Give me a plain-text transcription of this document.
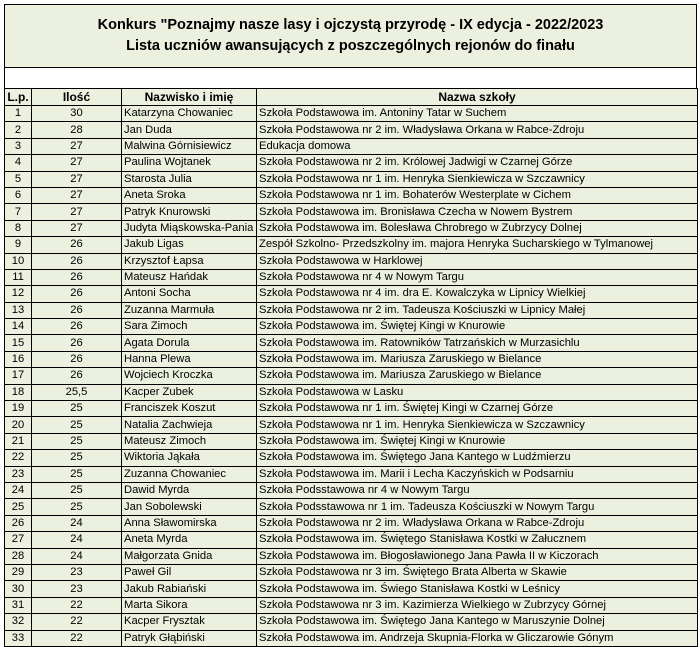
Konkurs "Poznajmy nasze lasy i ojczystą przyrodę - IX edycja - 2022/2023
Lista uczniów awansujących z poszczególnych rejonów do finału
L.p.	Ilość	Nazwisko i imię	Nazwa szkoły
1	30	Katarzyna Chowaniec	Szkoła Podstawowa im. Antoniny Tatar w Suchem
2	28	Jan Duda	Szkoła Podstawowa nr 2 im. Władysława Orkana w Rabce-Zdroju
3	27	Malwina Górnisiewicz	Edukacja domowa
4	27	Paulina Wojtanek	Szkoła Podstawowa nr 2 im. Królowej Jadwigi w Czarnej Górze
5	27	Starosta Julia	Szkoła Podstawowa nr 1 im. Henryka Sienkiewicza w Szczawnicy
6	27	Aneta Sroka	Szkoła Podstawowa nr 1 im. Bohaterów Westerplate w Cichem
7	27	Patryk Knurowski	Szkoła Podstawowa im. Bronisława Czecha w Nowem Bystrem
8	27	Judyta Miąskowska-Pania	Szkoła Podstawowa im. Bolesława Chrobrego w Zubrzycy Dolnej
9	26	Jakub Ligas	Zespół Szkolno- Przedszkolny im. majora Henryka Sucharskiego w Tylmanowej
10	26	Krzysztof Łapsa	Szkoła Podstawowa w Harklowej
11	26	Mateusz Hańdak	Szkoła Podstawowa nr 4 w Nowym Targu
12	26	Antoni Socha	Szkoła Podstawowa nr 4 im. dra E. Kowalczyka w Lipnicy Wielkiej
13	26	Zuzanna Marmuła	Szkoła Podstawowa nr 2 im. Tadeusza Kościuszki w Lipnicy Małej
14	26	Sara Zimoch	Szkoła Podstawowa im. Świętej Kingi w Knurowie
15	26	Agata Dorula	Szkoła Podstawowa im. Ratowników Tatrzańskich w Murzasichlu
16	26	Hanna Plewa	Szkoła Podstawowa im. Mariusza Zaruskiego w Bielance
17	26	Wojciech Kroczka	Szkoła Podstawowa im. Mariusza Zaruskiego w Bielance
18	25,5	Kacper Zubek	Szkoła Podstawowa w Lasku
19	25	Franciszek Koszut	Szkoła Podstawowa nr 1 im. Świętej Kingi w Czarnej Górze
20	25	Natalia Zachwieja	Szkoła Podstawowa nr 1 im. Henryka Sienkiewicza w Szczawnicy
21	25	Mateusz Zimoch	Szkoła Podstawowa im. Świętej Kingi w Knurowie
22	25	Wiktoria Jąkała	Szkoła Podstawowa im. Świętego Jana Kantego w Ludźmierzu
23	25	Zuzanna Chowaniec	Szkoła Podstawowa im. Marii i Lecha Kaczyńskich w Podsarniu
24	25	Dawid Myrda	Szkoła Podsstawowa nr 4 w Nowym Targu
25	25	Jan Sobolewski	Szkoła Podsstawowa nr 1 im. Tadeusza Kościuszki w Nowym Targu
26	24	Anna Sławomirska	Szkoła Podstawowa nr 2 im. Władysława Orkana w Rabce-Zdroju
27	24	Aneta Myrda	Szkoła Podstawowa im. Świętego Stanisława Kostki w Załucznem
28	24	Małgorzata Gnida	Szkoła Podstawowa im. Błogosławionego Jana Pawła II w Kiczorach
29	23	Paweł Gil	Szkoła Podstawowa nr 3 im. Świętego Brata Alberta w Skawie
30	23	Jakub Rabiański	Szkoła Podstawowa im. Świego Stanisława Kostki w Leśnicy
31	22	Marta Sikora	Szkoła Podstawowa nr 3 im. Kazimierza Wielkiego w Zubrzycy Górnej
32	22	Kacper Frysztak	Szkoła Podstawowa im. Świętego Jana Kantego w Maruszynie Dolnej
33	22	Patryk Głąbiński	Szkoła Podstawowa im. Andrzeja Skupnia-Florka w Gliczarowie Gónym
